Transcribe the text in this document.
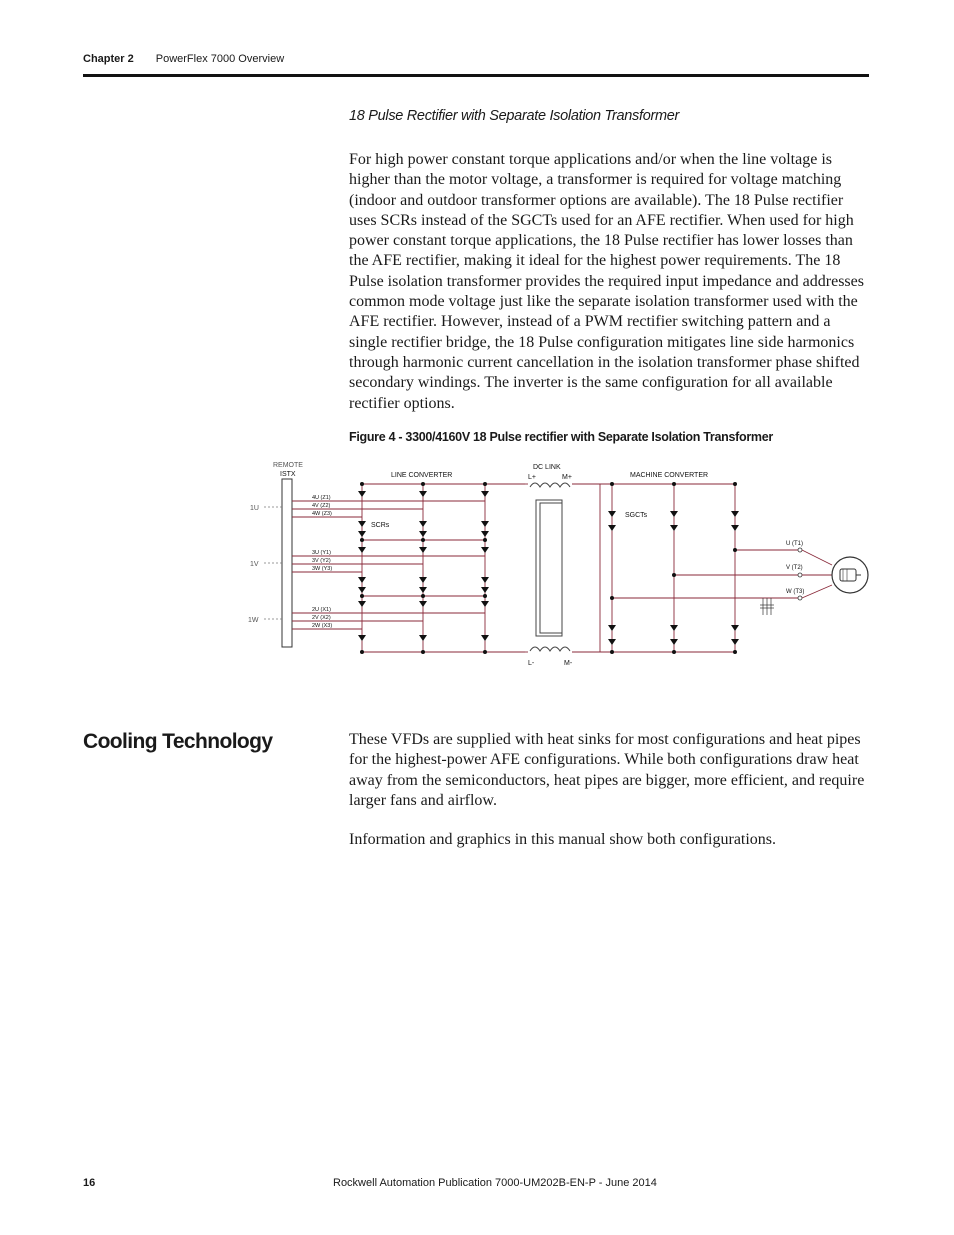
Chapter 2 PowerFlex 7000 Overview
18 Pulse Rectifier with Separate Isolation Transformer

For high power constant torque applications and/or when the line voltage is higher than the motor voltage, a transformer is required for voltage matching (indoor and outdoor transformer options are available). The 18 Pulse rectifier uses SCRs instead of the SGCTs used for an AFE rectifier. When used for high power constant torque applications, the 18 Pulse rectifier has lower losses than the AFE rectifier, making it ideal for the highest power requirements. The 18 Pulse isolation transformer provides the required input impedance and addresses common mode voltage just like the separate isolation transformer used with the AFE rectifier. However, instead of a PWM rectifier switching pattern and a single rectifier bridge, the 18 Pulse configuration mitigates line side harmonics through harmonic current cancellation in the isolation transformer phase shifted secondary windings. The inverter is the same configuration for all available rectifier options.

Figure 4 - 3300/4160V 18 Pulse rectifier with Separate Isolation Transformer
REMOTE
ISTX
1U
1V
1W
4U (Z1)
4V (Z2)
4W (Z3)
3U (Y1)
3V (Y2)
3W (Y3)
2U (X1)
2V (X2)
2W (X3)
LINE CONVERTER
SCRs
DC LINK
L+	M+
L-	M-
MACHINE CONVERTER
SGCTs
U (T1)
V (T2)
W (T3)
Cooling Technology	These VFDs are supplied with heat sinks for most configurations and heat pipes for the highest-power AFE configurations. While both configurations draw heat away from the semiconductors, heat pipes are bigger, more efficient, and require larger fans and airflow.

Information and graphics in this manual show both configurations.

16	Rockwell Automation Publication 7000-UM202B-EN-P - June 2014
